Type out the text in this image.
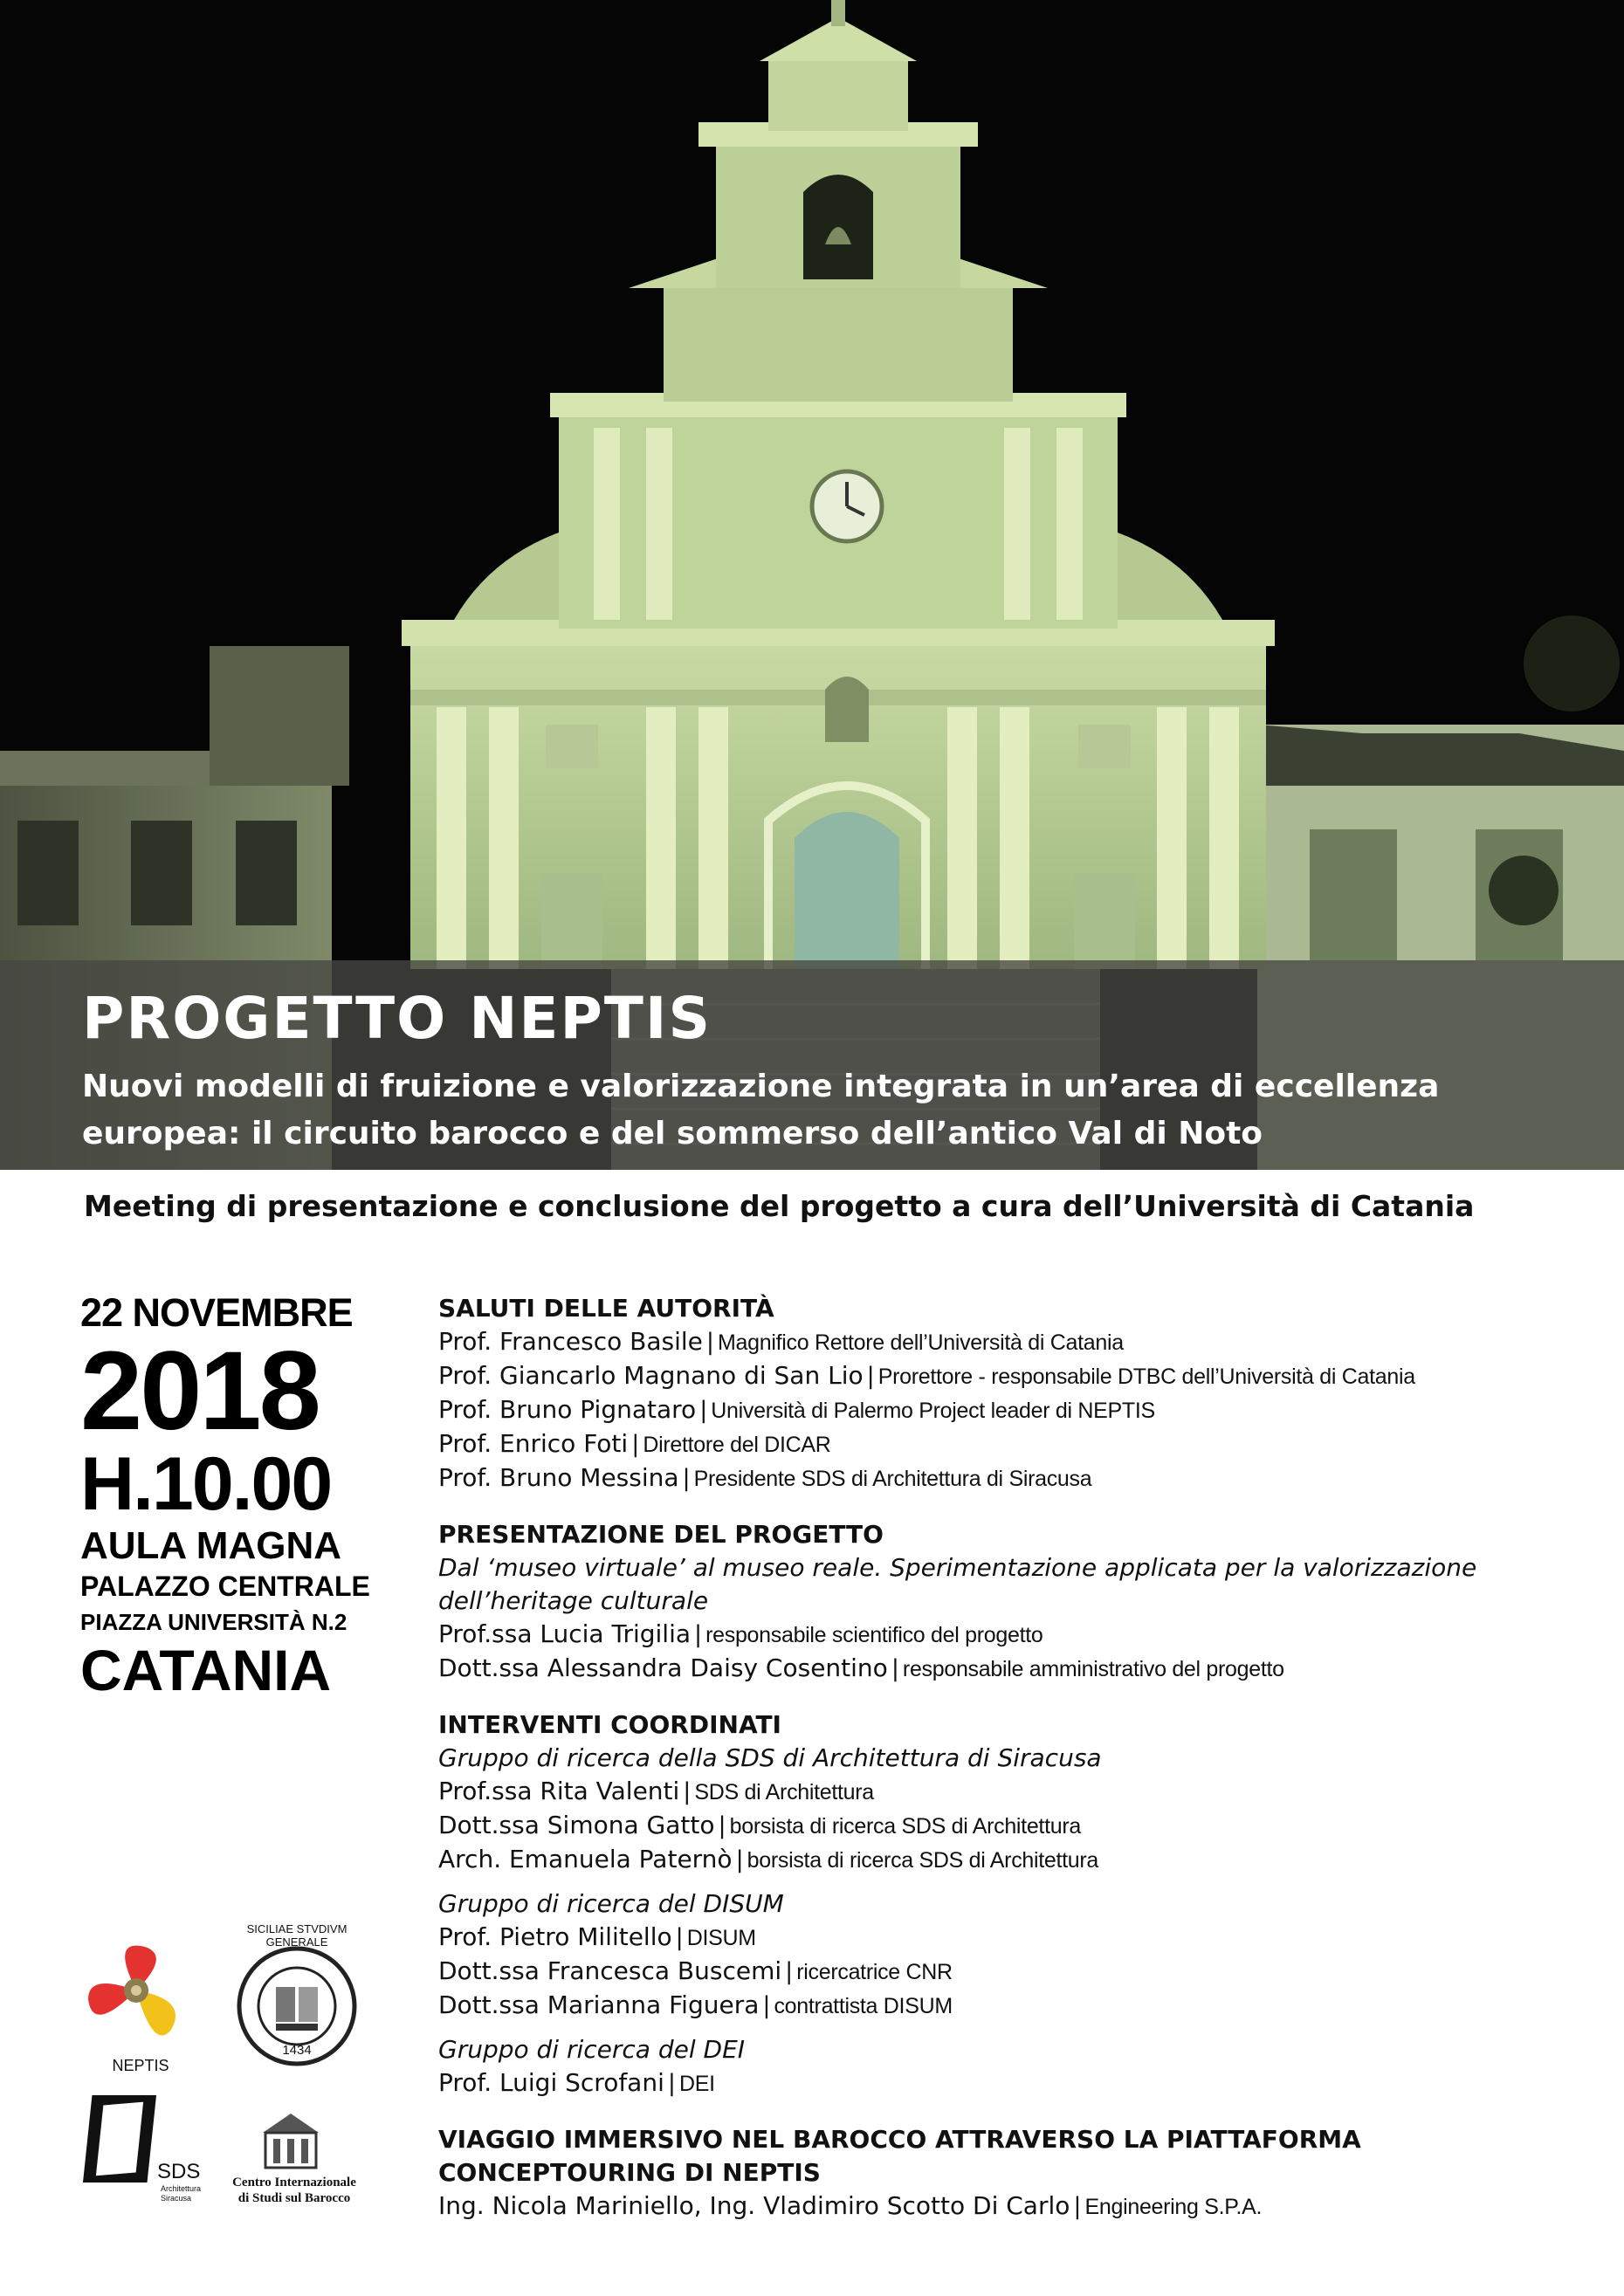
PROGETTO NEPTIS

Nuovi modelli di fruizione e valorizzazione integrata in un’area di eccellenza europea: il circuito barocco e del sommerso dell’antico Val di Noto

Meeting di presentazione e conclusione del progetto a cura dell’Università di Catania

22 NOVEMBRE
2018
H.10.00
AULA MAGNA
PALAZZO CENTRALE
PIAZZA UNIVERSITÀ N.2
CATANIA

SALUTI DELLE AUTORITÀ

Prof. Francesco Basile | Magnifico Rettore dell’Università di Catania
Prof. Giancarlo Magnano di San Lio | Prorettore - responsabile DTBC dell’Università di Catania
Prof. Bruno Pignataro | Università di Palermo Project leader di NEPTIS
Prof. Enrico Foti | Direttore del DICAR
Prof. Bruno Messina | Presidente SDS di Architettura di Siracusa

PRESENTAZIONE DEL PROGETTO

Dal ‘museo virtuale’ al museo reale. Sperimentazione applicata per la valorizzazione dell’heritage culturale
Prof.ssa Lucia Trigilia | responsabile scientifico del progetto
Dott.ssa Alessandra Daisy Cosentino | responsabile amministrativo del progetto

INTERVENTI COORDINATI

Gruppo di ricerca della SDS di Architettura di Siracusa
Prof.ssa Rita Valenti | SDS di Architettura
Dott.ssa Simona Gatto | borsista di ricerca SDS di Architettura
Arch. Emanuela Paternò | borsista di ricerca SDS di Architettura
Gruppo di ricerca del DISUM
Prof. Pietro Militello | DISUM
Dott.ssa Francesca Buscemi | ricercatrice CNR
Dott.ssa Marianna Figuera | contrattista DISUM
Gruppo di ricerca del DEI
Prof. Luigi Scrofani | DEI

VIAGGIO IMMERSIVO NEL BAROCCO ATTRAVERSO LA PIATTAFORMA

CONCEPTOURING DI NEPTIS

Ing. Nicola Mariniello, Ing. Vladimiro Scotto Di Carlo | Engineering S.P.A.
NEPTIS
1434
SICILIAE STVDIVM GENERALE
SDS
Architettura
Siracusa
Centro Internazionale
di Studi sul Barocco
